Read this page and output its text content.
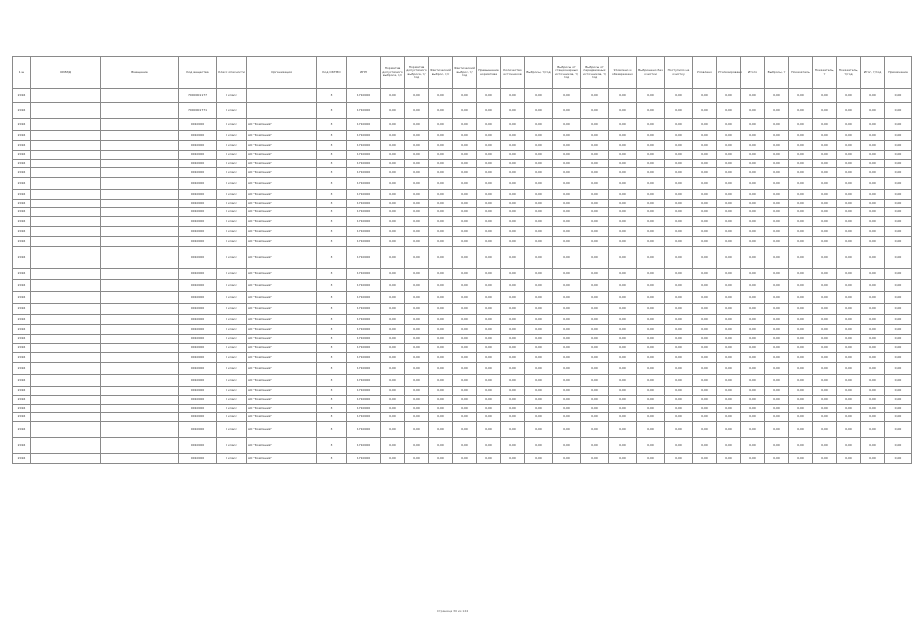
1 ш	ОКВЭД	Вмещение	Код вещества	Класс опасности	Организация	Код ОКТМО	ИНН	Норматив допустимого выброса, г/с	Норматив допустимого выброса, т/год	Фактический выброс, г/с	Фактический выброс, т/год	Превышение норматива	Количество источников	Выбросы, т/год	Выбросы от стационарных источников, т/год	Выбросы от передвижных источников, т/год	Уловлено и обезврежено	Выброшено без очистки	Поступило на очистку	Уловлено	Утилизировано	Итого	Выбросы, т	Показатель	Показатель, т	Показатель, т/год	Итог, т/год	Примечание
2016			7000001177	I класс		3	1710000	0,00	0,00	0,00	0,00	0,00	0,00	0,00	0,00	0,00	0,00	0,00	0,00	0,00	0,00	0,00	0,00	0,00	0,00	0,00	0,00	0,00
2016			7000001771	I класс		3	1710000	0,00	0,00	0,00	0,00	0,00	0,00	0,00	0,00	0,00	0,00	0,00	0,00	0,00	0,00	0,00	0,00	0,00	0,00	0,00	0,00	0,00
2016			0010000	I класс	АО "Компания"	3	1710000	0,00	0,00	0,00	0,00	0,00	0,00	0,00	0,00	0,00	0,00	0,00	0,00	0,00	0,00	0,00	0,00	0,00	0,00	0,00	0,00	0,00
2016			0010000	I класс	АО "Компания"	3	1710000	0,00	0,00	0,00	0,00	0,00	0,00	0,00	0,00	0,00	0,00	0,00	0,00	0,00	0,00	0,00	0,00	0,00	0,00	0,00	0,00	0,00
2016			0010000	I класс	АО "Компания"	3	1710000	0,00	0,00	0,00	0,00	0,00	0,00	0,00	0,00	0,00	0,00	0,00	0,00	0,00	0,00	0,00	0,00	0,00	0,00	0,00	0,00	0,00
2016			0010000	I класс	АО "Компания"	3	1710000	0,00	0,00	0,00	0,00	0,00	0,00	0,00	0,00	0,00	0,00	0,00	0,00	0,00	0,00	0,00	0,00	0,00	0,00	0,00	0,00	0,00
2016			0010000	I класс	АО "Компания"	3	1710000	0,00	0,00	0,00	0,00	0,00	0,00	0,00	0,00	0,00	0,00	0,00	0,00	0,00	0,00	0,00	0,00	0,00	0,00	0,00	0,00	0,00
2016			0010000	I класс	АО "Компания"	3	1710000	0,00	0,00	0,00	0,00	0,00	0,00	0,00	0,00	0,00	0,00	0,00	0,00	0,00	0,00	0,00	0,00	0,00	0,00	0,00	0,00	0,00
2016			0010000	I класс	АО "Компания"	3	1710000	0,00	0,00	0,00	0,00	0,00	0,00	0,00	0,00	0,00	0,00	0,00	0,00	0,00	0,00	0,00	0,00	0,00	0,00	0,00	0,00	0,00
2016			0010000	I класс	АО "Компания"	3	1710000	0,00	0,00	0,00	0,00	0,00	0,00	0,00	0,00	0,00	0,00	0,00	0,00	0,00	0,00	0,00	0,00	0,00	0,00	0,00	0,00	0,00
2016			0010000	I класс	АО "Компания"	3	1710000	0,00	0,00	0,00	0,00	0,00	0,00	0,00	0,00	0,00	0,00	0,00	0,00	0,00	0,00	0,00	0,00	0,00	0,00	0,00	0,00	0,00
2016			0010000	I класс	АО "Компания"	3	1710000	0,00	0,00	0,00	0,00	0,00	0,00	0,00	0,00	0,00	0,00	0,00	0,00	0,00	0,00	0,00	0,00	0,00	0,00	0,00	0,00	0,00
2016			0010000	I класс	АО "Компания"	3	1710000	0,00	0,00	0,00	0,00	0,00	0,00	0,00	0,00	0,00	0,00	0,00	0,00	0,00	0,00	0,00	0,00	0,00	0,00	0,00	0,00	0,00
2016			0010000	I класс	АО "Компания"	3	1710000	0,00	0,00	0,00	0,00	0,00	0,00	0,00	0,00	0,00	0,00	0,00	0,00	0,00	0,00	0,00	0,00	0,00	0,00	0,00	0,00	0,00
2016			0010000	I класс	АО "Компания"	3	1710000	0,00	0,00	0,00	0,00	0,00	0,00	0,00	0,00	0,00	0,00	0,00	0,00	0,00	0,00	0,00	0,00	0,00	0,00	0,00	0,00	0,00
2016			0010000	I класс	АО "Компания"	3	1710000	0,00	0,00	0,00	0,00	0,00	0,00	0,00	0,00	0,00	0,00	0,00	0,00	0,00	0,00	0,00	0,00	0,00	0,00	0,00	0,00	0,00
2016			0010000	I класс	АО "Компания"	3	1710000	0,00	0,00	0,00	0,00	0,00	0,00	0,00	0,00	0,00	0,00	0,00	0,00	0,00	0,00	0,00	0,00	0,00	0,00	0,00	0,00	0,00
2016			0010000	I класс	АО "Компания"	3	1710000	0,00	0,00	0,00	0,00	0,00	0,00	0,00	0,00	0,00	0,00	0,00	0,00	0,00	0,00	0,00	0,00	0,00	0,00	0,00	0,00	0,00
2016			0010000	I класс	АО "Компания"	3	1710000	0,00	0,00	0,00	0,00	0,00	0,00	0,00	0,00	0,00	0,00	0,00	0,00	0,00	0,00	0,00	0,00	0,00	0,00	0,00	0,00	0,00
2016			0010000	I класс	АО "Компания"	3	1710000	0,00	0,00	0,00	0,00	0,00	0,00	0,00	0,00	0,00	0,00	0,00	0,00	0,00	0,00	0,00	0,00	0,00	0,00	0,00	0,00	0,00
2016			0010000	I класс	АО "Компания"	3	1710000	0,00	0,00	0,00	0,00	0,00	0,00	0,00	0,00	0,00	0,00	0,00	0,00	0,00	0,00	0,00	0,00	0,00	0,00	0,00	0,00	0,00
2016			0010000	I класс	АО "Компания"	3	1710000	0,00	0,00	0,00	0,00	0,00	0,00	0,00	0,00	0,00	0,00	0,00	0,00	0,00	0,00	0,00	0,00	0,00	0,00	0,00	0,00	0,00
2016			0010000	I класс	АО "Компания"	3	1710000	0,00	0,00	0,00	0,00	0,00	0,00	0,00	0,00	0,00	0,00	0,00	0,00	0,00	0,00	0,00	0,00	0,00	0,00	0,00	0,00	0,00
2016			0010000	I класс	АО "Компания"	3	1710000	0,00	0,00	0,00	0,00	0,00	0,00	0,00	0,00	0,00	0,00	0,00	0,00	0,00	0,00	0,00	0,00	0,00	0,00	0,00	0,00	0,00
2016			0010000	I класс	АО "Компания"	3	1710000	0,00	0,00	0,00	0,00	0,00	0,00	0,00	0,00	0,00	0,00	0,00	0,00	0,00	0,00	0,00	0,00	0,00	0,00	0,00	0,00	0,00
2016			0010000	I класс	АО "Компания"	3	1710000	0,00	0,00	0,00	0,00	0,00	0,00	0,00	0,00	0,00	0,00	0,00	0,00	0,00	0,00	0,00	0,00	0,00	0,00	0,00	0,00	0,00
2016			0010000	I класс	АО "Компания"	3	1710000	0,00	0,00	0,00	0,00	0,00	0,00	0,00	0,00	0,00	0,00	0,00	0,00	0,00	0,00	0,00	0,00	0,00	0,00	0,00	0,00	0,00
2016			0010000	I класс	АО "Компания"	3	1710000	0,00	0,00	0,00	0,00	0,00	0,00	0,00	0,00	0,00	0,00	0,00	0,00	0,00	0,00	0,00	0,00	0,00	0,00	0,00	0,00	0,00
2016			0010000	I класс	АО "Компания"	3	1710000	0,00	0,00	0,00	0,00	0,00	0,00	0,00	0,00	0,00	0,00	0,00	0,00	0,00	0,00	0,00	0,00	0,00	0,00	0,00	0,00	0,00
2016			0010000	I класс	АО "Компания"	3	1710000	0,00	0,00	0,00	0,00	0,00	0,00	0,00	0,00	0,00	0,00	0,00	0,00	0,00	0,00	0,00	0,00	0,00	0,00	0,00	0,00	0,00
2016			0010000	I класс	АО "Компания"	3	1710000	0,00	0,00	0,00	0,00	0,00	0,00	0,00	0,00	0,00	0,00	0,00	0,00	0,00	0,00	0,00	0,00	0,00	0,00	0,00	0,00	0,00
2016			0010000	I класс	АО "Компания"	3	1710000	0,00	0,00	0,00	0,00	0,00	0,00	0,00	0,00	0,00	0,00	0,00	0,00	0,00	0,00	0,00	0,00	0,00	0,00	0,00	0,00	0,00
2016			0010000	I класс	АО "Компания"	3	1710000	0,00	0,00	0,00	0,00	0,00	0,00	0,00	0,00	0,00	0,00	0,00	0,00	0,00	0,00	0,00	0,00	0,00	0,00	0,00	0,00	0,00
2016			0010000	I класс	АО "Компания"	3	1710000	0,00	0,00	0,00	0,00	0,00	0,00	0,00	0,00	0,00	0,00	0,00	0,00	0,00	0,00	0,00	0,00	0,00	0,00	0,00	0,00	0,00
Страница 30 из 124
